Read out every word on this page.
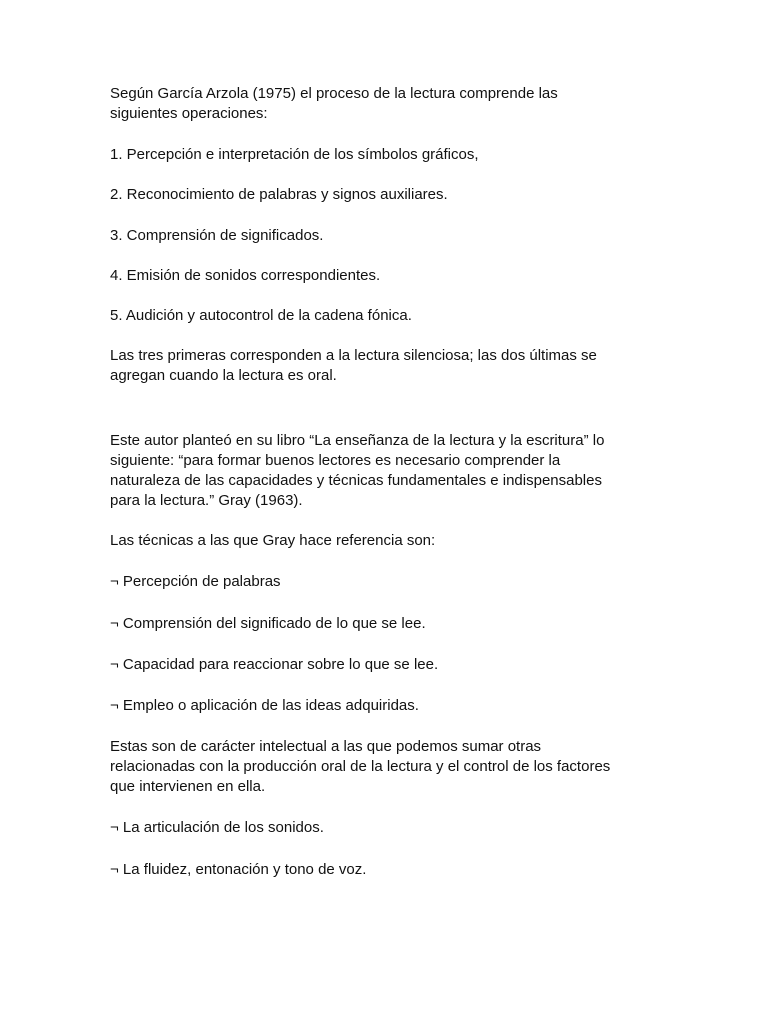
Según García Arzola (1975) el proceso de la lectura comprende las
siguientes operaciones:

1. Percepción e interpretación de los símbolos gráficos,

2. Reconocimiento de palabras y signos auxiliares.

3. Comprensión de significados.

4. Emisión de sonidos correspondientes.

5. Audición y autocontrol de la cadena fónica.

Las tres primeras corresponden a la lectura silenciosa; las dos últimas se
agregan cuando la lectura es oral.

Este autor planteó en su libro “La enseñanza de la lectura y la escritura” lo
siguiente: “para formar buenos lectores es necesario comprender la
naturaleza de las capacidades y técnicas fundamentales e indispensables
para la lectura.” Gray (1963).

Las técnicas a las que Gray hace referencia son:

¬ Percepción de palabras

¬ Comprensión del significado de lo que se lee.

¬ Capacidad para reaccionar sobre lo que se lee.

¬ Empleo o aplicación de las ideas adquiridas.

Estas son de carácter intelectual a las que podemos sumar otras
relacionadas con la producción oral de la lectura y el control de los factores
que intervienen en ella.

¬ La articulación de los sonidos.

¬ La fluidez, entonación y tono de voz.
